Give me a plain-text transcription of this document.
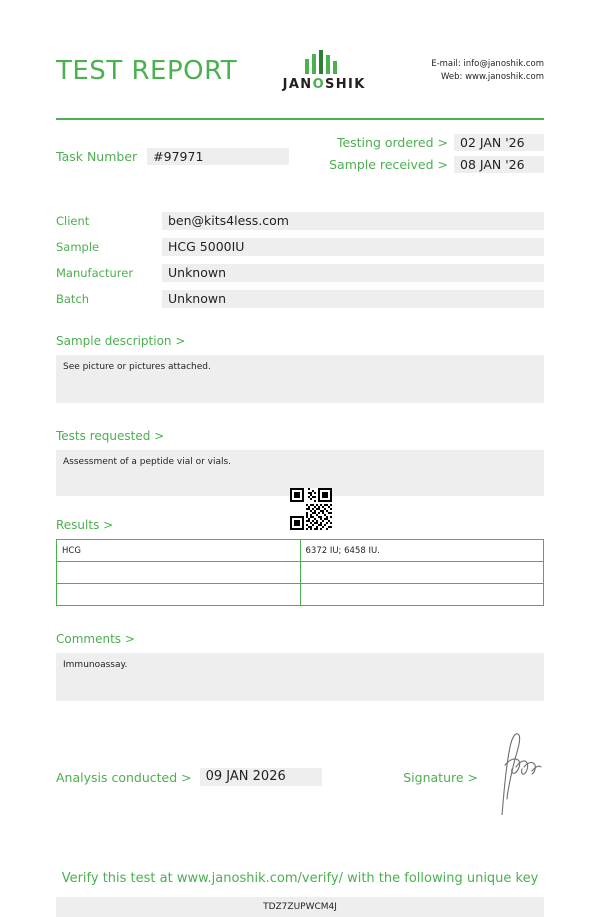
TEST REPORT	JANOSHIK
E-mail: info@janoshik.com
Web: www.janoshik.com
Task Number	#97971
Testing ordered > 02 JAN '26
Sample received > 08 JAN '26
Client	ben@kits4less.com
Sample	HCG 5000IU
Manufacturer	Unknown
Batch	Unknown
Sample description >
See picture or pictures attached.
Tests requested >
Assessment of a peptide vial or vials.
Results >
HCG	6372 IU; 6458 IU.

Comments >
Immunoassay.
Analysis conducted >	09 JAN 2026	Signature >
Verify this test at www.janoshik.com/verify/ with the following unique key
TDZ7ZUPWCM4J
